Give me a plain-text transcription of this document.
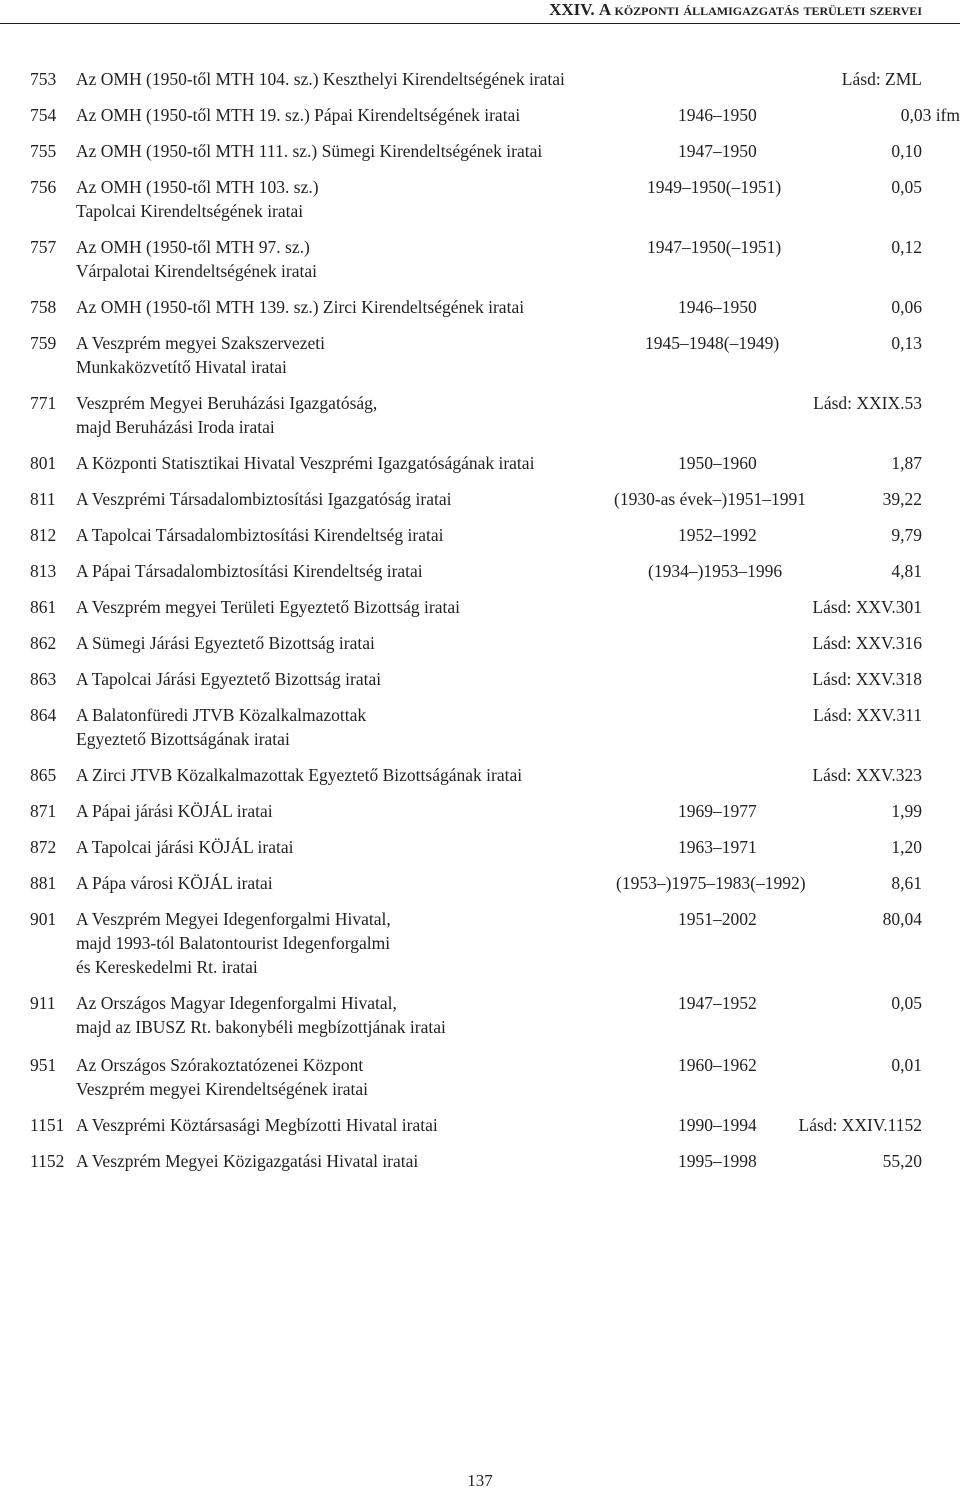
XXIV. A központi államigazgatás területi szervei
753	Az OMH (1950-től MTH 104. sz.) Keszthelyi Kirendeltségének iratai	Lásd: ZML
754	Az OMH (1950-től MTH 19. sz.) Pápai Kirendeltségének iratai	1946–1950	0,03 ifm
755	Az OMH (1950-től MTH 111. sz.) Sümegi Kirendeltségének iratai	1947–1950	0,10
756	Az OMH (1950-től MTH 103. sz.)
Tapolcai Kirendeltségének iratai
1949–1950(–1951)	0,05
757	Az OMH (1950-től MTH 97. sz.)
Várpalotai Kirendeltségének iratai
1947–1950(–1951)	0,12
758	Az OMH (1950-től MTH 139. sz.) Zirci Kirendeltségének iratai	1946–1950	0,06
759	A Veszprém megyei Szakszervezeti
Munkaközvetítő Hivatal iratai
1945–1948(–1949)	0,13
771	Veszprém Megyei Beruházási Igazgatóság,
majd Beruházási Iroda iratai
Lásd: XXIX.53
801	A Központi Statisztikai Hivatal Veszprémi Igazgatóságának iratai	1950–1960	1,87
811	A Veszprémi Társadalombiztosítási Igazgatóság iratai	(1930-as évek–)1951–1991	39,22
812	A Tapolcai Társadalombiztosítási Kirendeltség iratai	1952–1992	9,79
813	A Pápai Társadalombiztosítási Kirendeltség iratai	(1934–)1953–1996	4,81
861	A Veszprém megyei Területi Egyeztető Bizottság iratai	Lásd: XXV.301
862	A Sümegi Járási Egyeztető Bizottság iratai	Lásd: XXV.316
863	A Tapolcai Járási Egyeztető Bizottság iratai	Lásd: XXV.318
864	A Balatonfüredi JTVB Közalkalmazottak
Egyeztető Bizottságának iratai
Lásd: XXV.311
865	A Zirci JTVB Közalkalmazottak Egyeztető Bizottságának iratai	Lásd: XXV.323
871	A Pápai járási KÖJÁL iratai	1969–1977	1,99
872	A Tapolcai járási KÖJÁL iratai	1963–1971	1,20
881	A Pápa városi KÖJÁL iratai	(1953–)1975–1983(–1992)	8,61
901	A Veszprém Megyei Idegenforgalmi Hivatal,
majd 1993-tól Balatontourist Idegenforgalmi
és Kereskedelmi Rt. iratai
1951–2002	80,04
911	Az Országos Magyar Idegenforgalmi Hivatal,
majd az IBUSZ Rt. bakonybéli megbízottjának iratai
1947–1952	0,05
951	Az Országos Szórakoztatózenei Központ
Veszprém megyei Kirendeltségének iratai
1960–1962	0,01
1151 A Veszprémi Köztársasági Megbízotti Hivatal iratai	1990–1994 Lásd: XXIV.1152
1152 A Veszprém Megyei Közigazgatási Hivatal iratai	1995–1998	55,20
137
